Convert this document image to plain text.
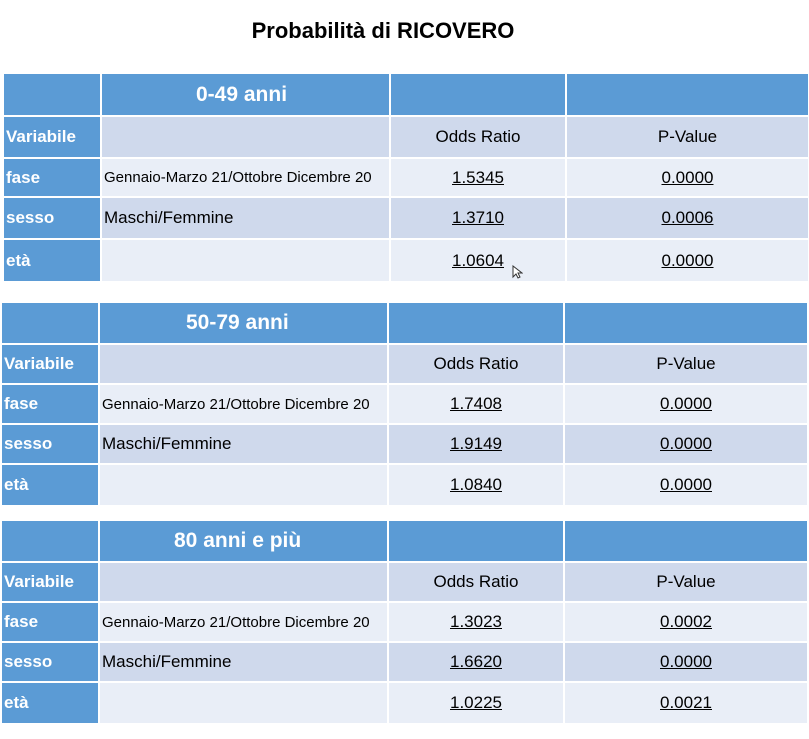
Probabilità di RICOVERO
	0-49 anni		
Variabile		Odds Ratio	P-Value
fase	Gennaio-Marzo 21/Ottobre Dicembre 20	1.5345	0.0000
sesso	Maschi/Femmine	1.3710	0.0006
età		1.0604	0.0000
	50-79 anni		
Variabile		Odds Ratio	P-Value
fase	Gennaio-Marzo 21/Ottobre Dicembre 20	1.7408	0.0000
sesso	Maschi/Femmine	1.9149	0.0000
età		1.0840	0.0000
	80 anni e più		
Variabile		Odds Ratio	P-Value
fase	Gennaio-Marzo 21/Ottobre Dicembre 20	1.3023	0.0002
sesso	Maschi/Femmine	1.6620	0.0000
età		1.0225	0.0021
